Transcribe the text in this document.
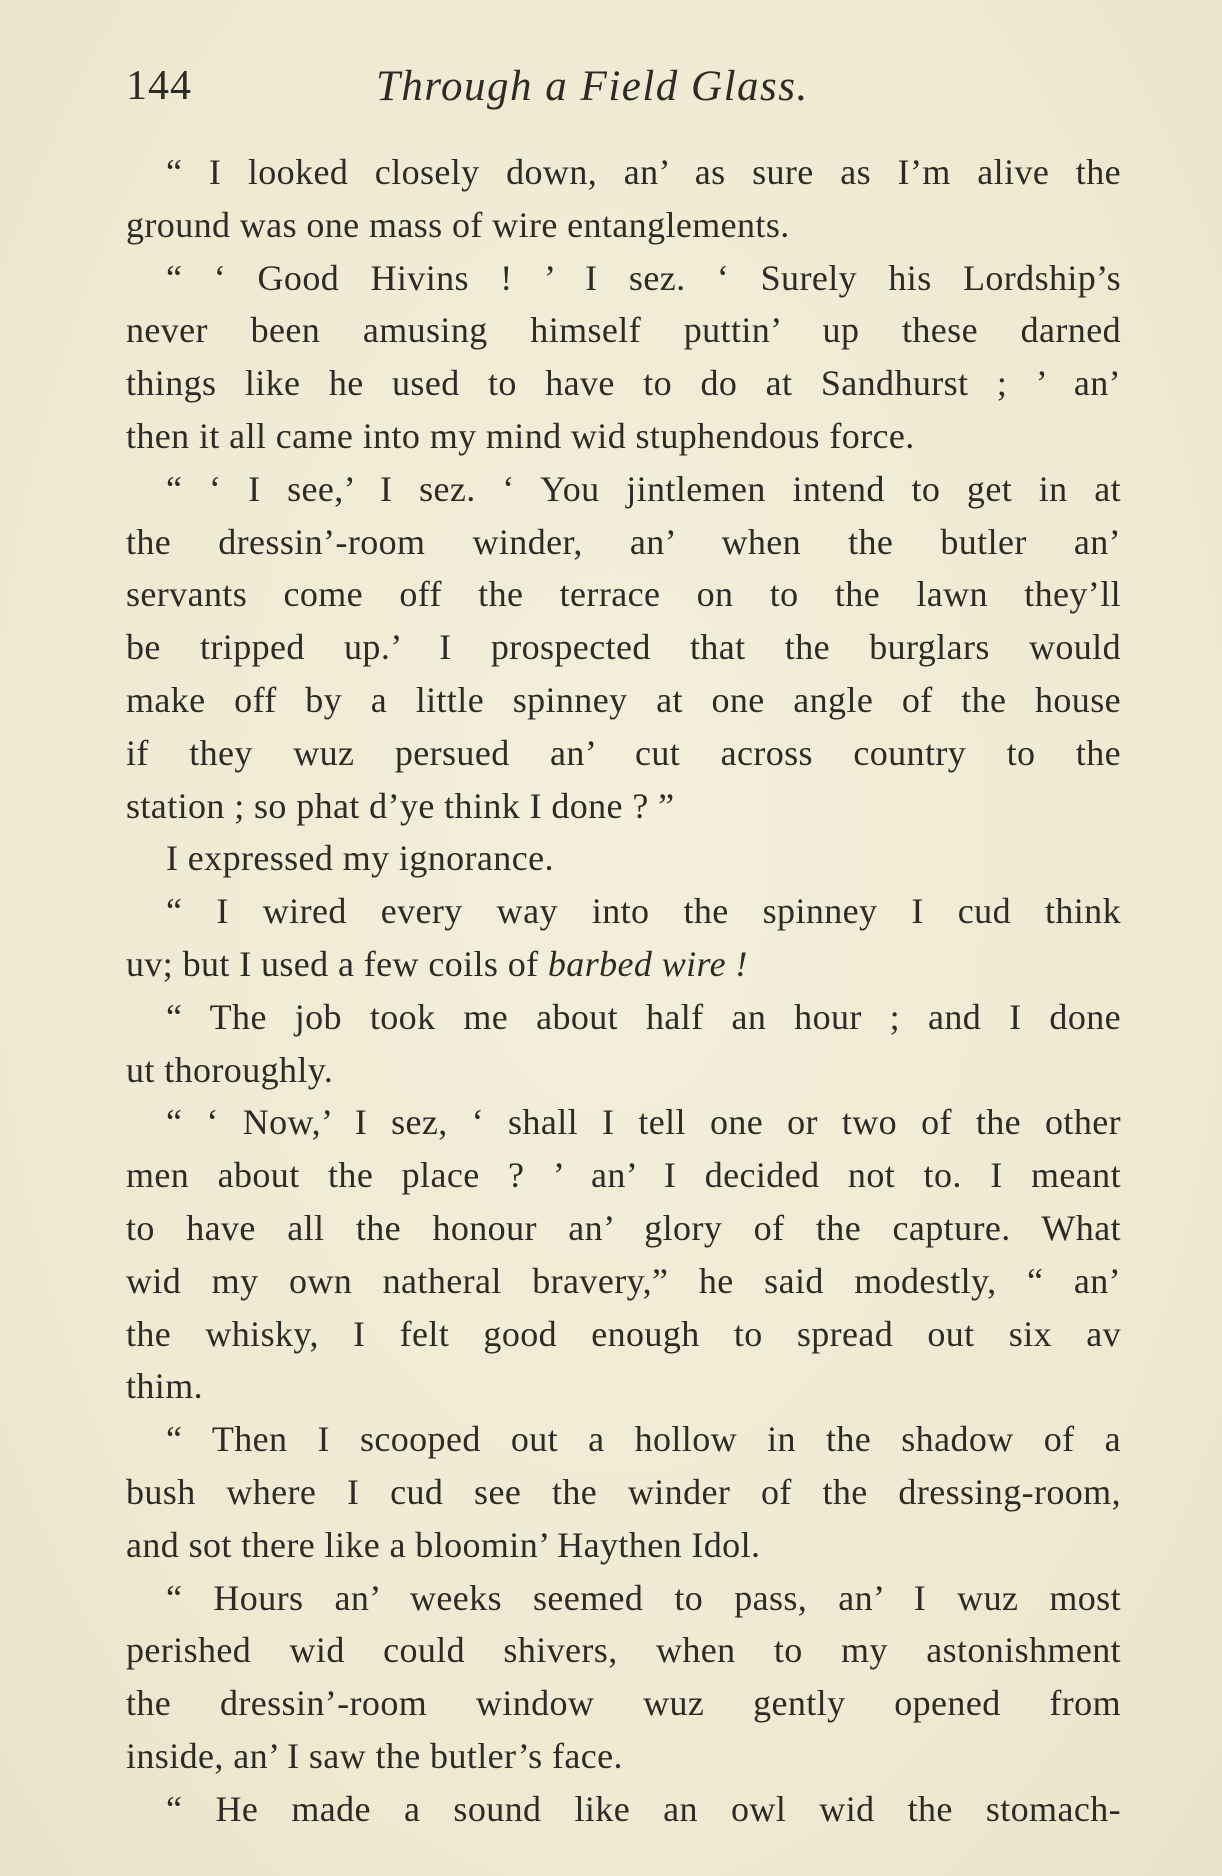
144	Through a Field Glass.
“ I looked closely down, an’ as sure as I’m alive the
ground was one mass of wire entanglements.
“ ‘ Good Hivins ! ’ I sez. ‘ Surely his Lordship’s
never been amusing himself puttin’ up these darned
things like he used to have to do at Sandhurst ; ’ an’
then it all came into my mind wid stuphendous force.
“ ‘ I see,’ I sez. ‘ You jintlemen intend to get in at
the dressin’-room winder, an’ when the butler an’
servants come off the terrace on to the lawn they’ll
be tripped up.’ I prospected that the burglars would
make off by a little spinney at one angle of the house
if they wuz persued an’ cut across country to the
station ; so phat d’ye think I done ? ”
I expressed my ignorance.
“ I wired every way into the spinney I cud think
uv; but I used a few coils of barbed wire !
“ The job took me about half an hour ; and I done
ut thoroughly.
“ ‘ Now,’ I sez, ‘ shall I tell one or two of the other
men about the place ? ’ an’ I decided not to. I meant
to have all the honour an’ glory of the capture. What
wid my own natheral bravery,” he said modestly, “ an’
the whisky, I felt good enough to spread out six av
thim.
“ Then I scooped out a hollow in the shadow of a
bush where I cud see the winder of the dressing-room,
and sot there like a bloomin’ Haythen Idol.
“ Hours an’ weeks seemed to pass, an’ I wuz most
perished wid could shivers, when to my astonishment
the dressin’-room window wuz gently opened from
inside, an’ I saw the butler’s face.
“ He made a sound like an owl wid the stomach-
